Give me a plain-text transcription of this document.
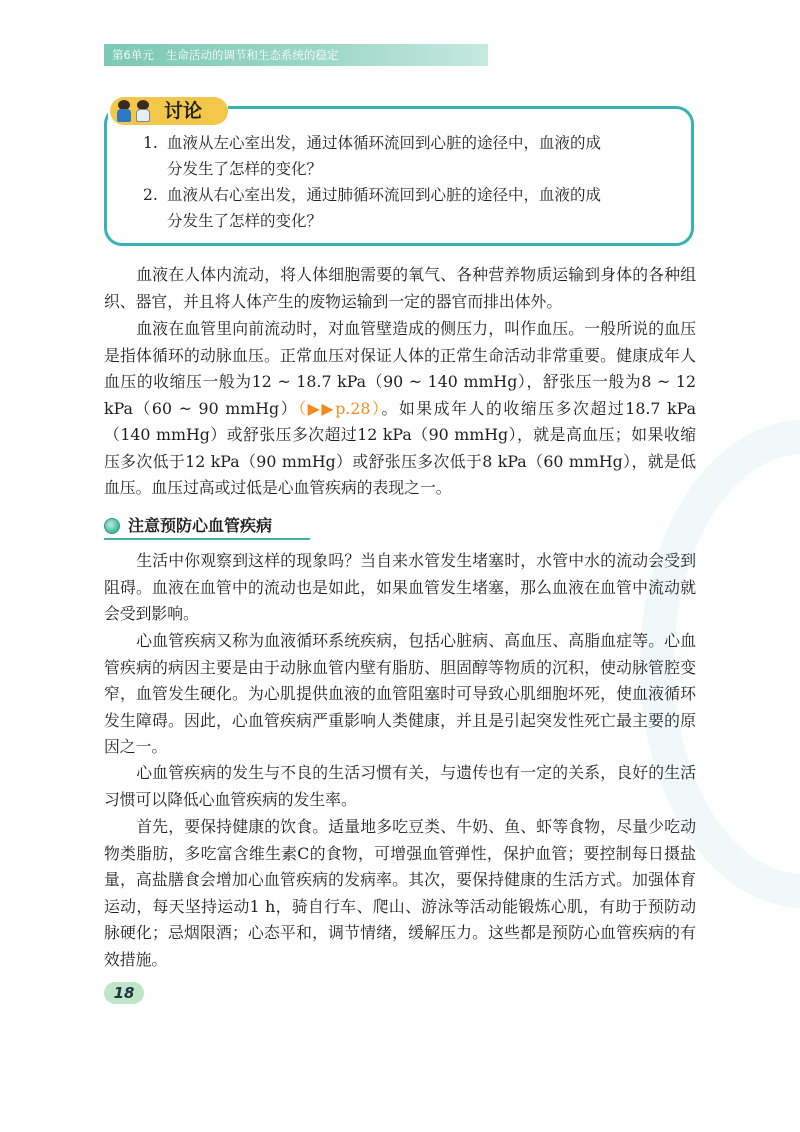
第6单元 生命活动的调节和生态系统的稳定
讨论
1. 血液从左心室出发，通过体循环流回到心脏的途径中，血液的成
分发生了怎样的变化？
2. 血液从右心室出发，通过肺循环流回到心脏的途径中，血液的成
分发生了怎样的变化？
血液在人体内流动，将人体细胞需要的氧气、各种营养物质运输到身体的各种组织、器官，并且将人体产生的废物运输到一定的器官而排出体外。
血液在血管里向前流动时，对血管壁造成的侧压力，叫作血压。一般所说的血压是指体循环的动脉血压。正常血压对保证人体的正常生命活动非常重要。健康成年人血压的收缩压一般为12 ~ 18.7 kPa（90 ~ 140 mmHg），舒张压一般为8 ~ 12 kPa（60 ~ 90 mmHg）（▶▶p.28）。如果成年人的收缩压多次超过18.7 kPa（140 mmHg）或舒张压多次超过12 kPa（90 mmHg），就是高血压；如果收缩压多次低于12 kPa（90 mmHg）或舒张压多次低于8 kPa（60 mmHg），就是低血压。血压过高或过低是心血管疾病的表现之一。
注意预防心血管疾病
生活中你观察到这样的现象吗？当自来水管发生堵塞时，水管中水的流动会受到阻碍。血液在血管中的流动也是如此，如果血管发生堵塞，那么血液在血管中流动就会受到影响。
心血管疾病又称为血液循环系统疾病，包括心脏病、高血压、高脂血症等。心血管疾病的病因主要是由于动脉血管内壁有脂肪、胆固醇等物质的沉积，使动脉管腔变窄，血管发生硬化。为心肌提供血液的血管阻塞时可导致心肌细胞坏死，使血液循环发生障碍。因此，心血管疾病严重影响人类健康，并且是引起突发性死亡最主要的原因之一。
心血管疾病的发生与不良的生活习惯有关，与遗传也有一定的关系，良好的生活习惯可以降低心血管疾病的发生率。
首先，要保持健康的饮食。适量地多吃豆类、牛奶、鱼、虾等食物，尽量少吃动物类脂肪，多吃富含维生素C的食物，可增强血管弹性，保护血管；要控制每日摄盐量，高盐膳食会增加心血管疾病的发病率。其次，要保持健康的生活方式。加强体育运动，每天坚持运动1 h，骑自行车、爬山、游泳等活动能锻炼心肌，有助于预防动脉硬化；忌烟限酒；心态平和，调节情绪，缓解压力。这些都是预防心血管疾病的有效措施。
18
